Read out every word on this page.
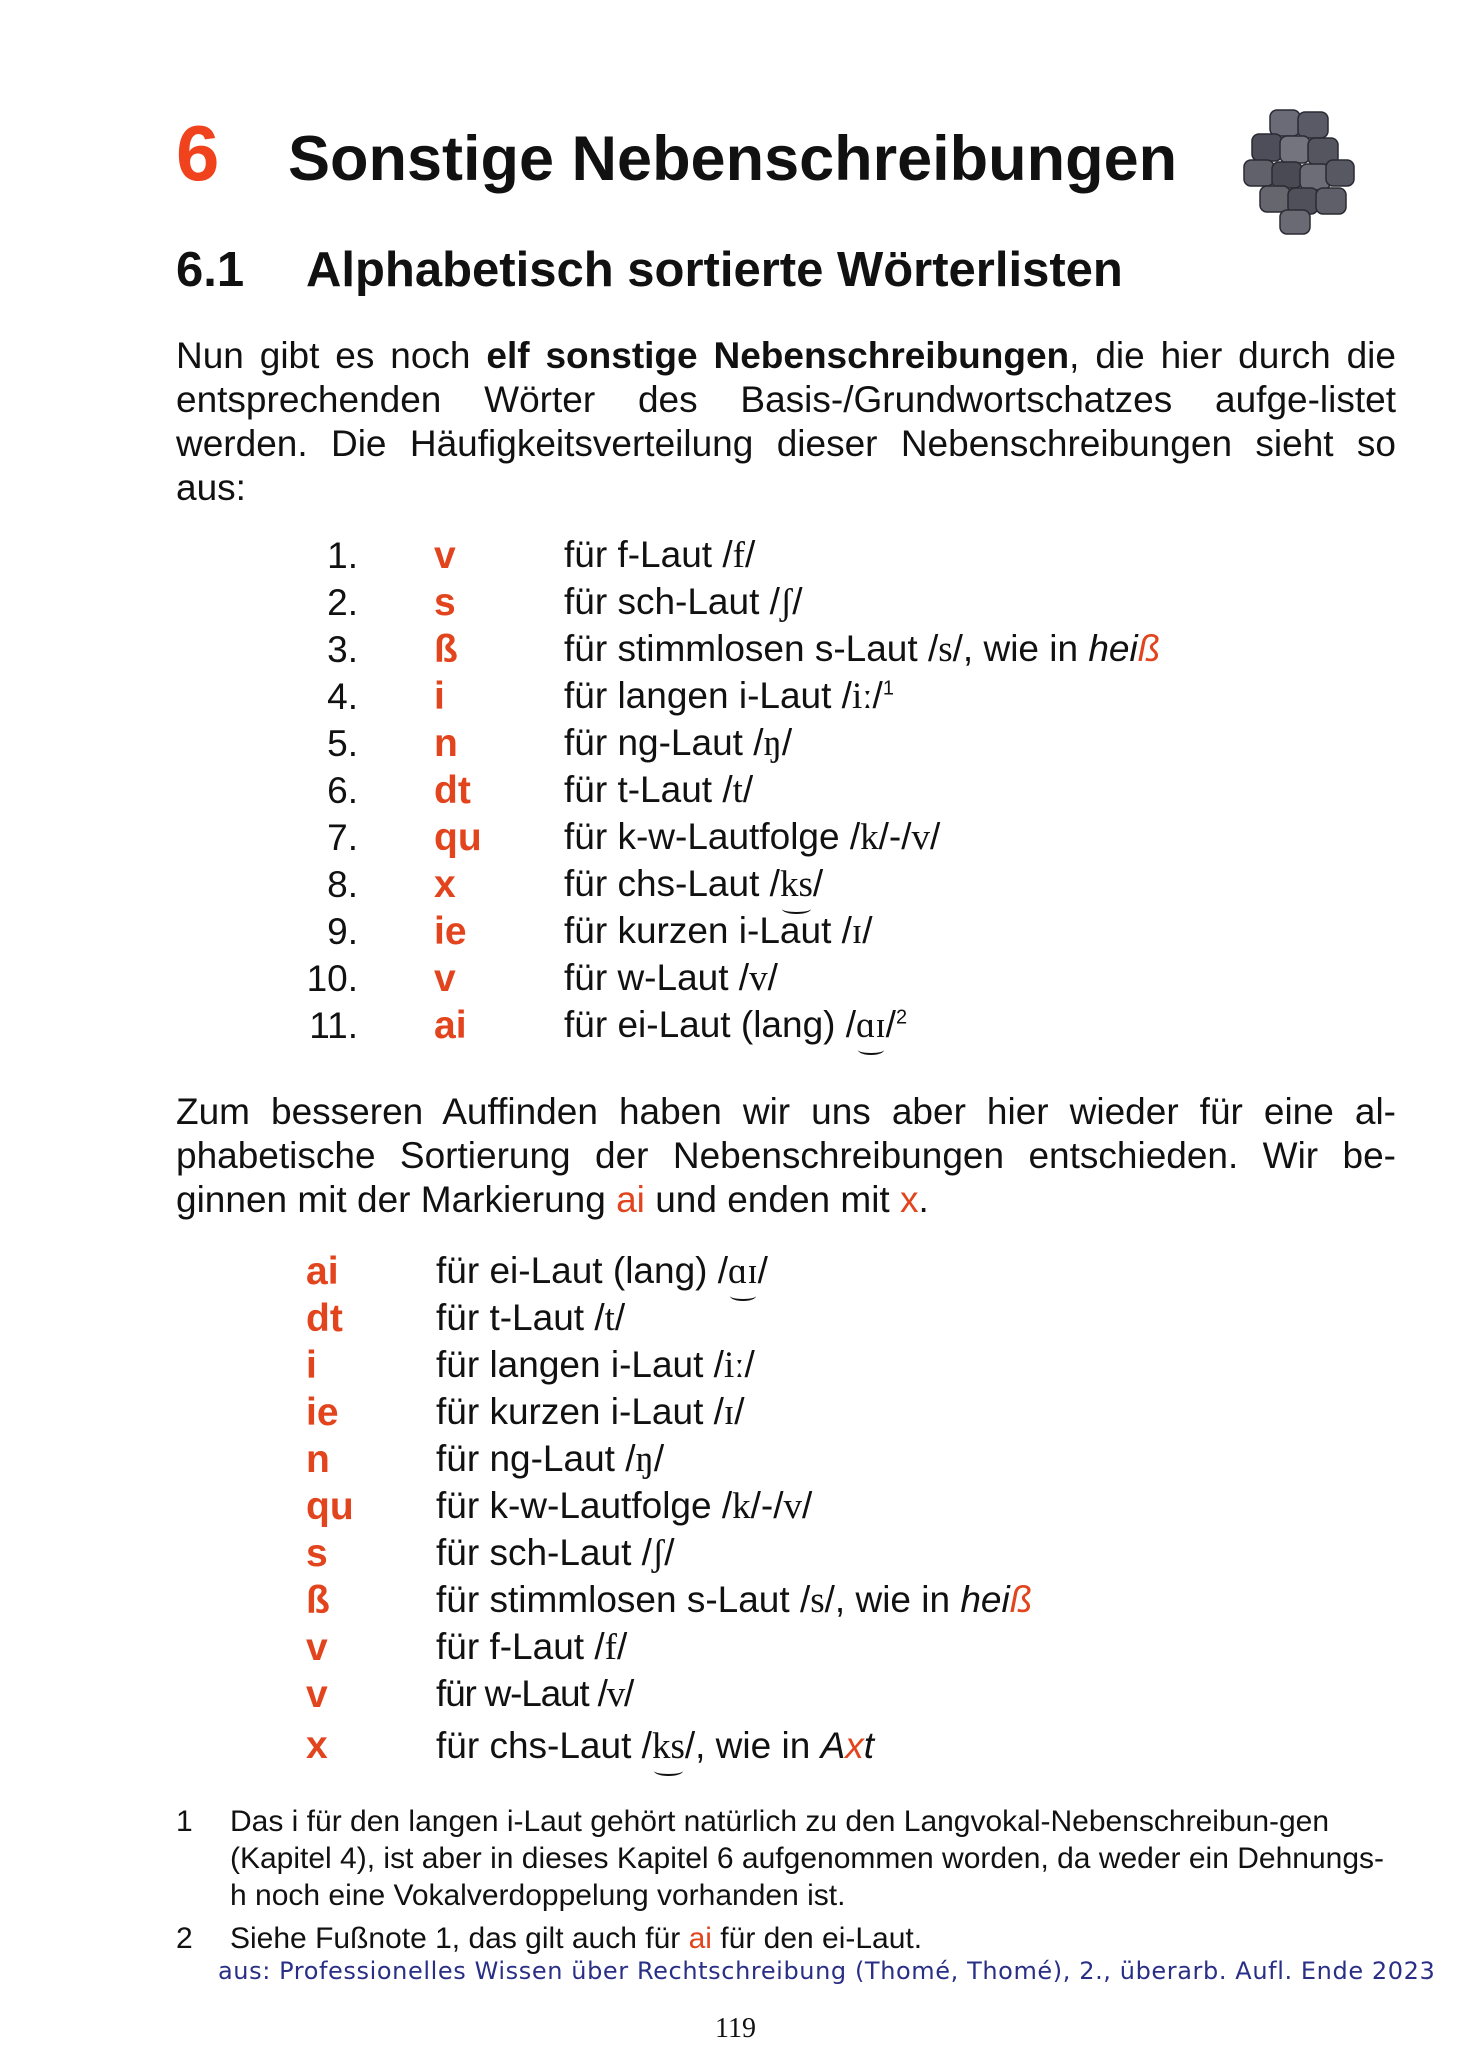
6	Sonstige Nebenschreibungen
6.1	Alphabetisch sortierte Wörterlisten

Nun gibt es noch elf sonstige Nebenschreibungen, die hier durch die entsprechenden Wörter des Basis-/Grundwortschatzes aufge-listet werden. Die Häufigkeitsverteilung dieser Nebenschreibungen sieht so aus:

1. v	für f-Laut /f/
2. s	für sch-Laut /ʃ/
3. ß	für stimmlosen s-Laut /s/, wie in heiß
4. i	für langen i-Laut /iː/$^1$
5. n	für ng-Laut /ŋ/
6. dt	für t-Laut /t/
7. qu	für k-w-Lautfolge /k/-/v/
8. x	für chs-Laut /ks/
9. ie	für kurzen i-Laut /ɪ/
10. v	für w-Laut /v/
11. ai	für ei-Laut (lang) /ɑɪ/$^2$

Zum besseren Auffinden haben wir uns aber hier wieder für eine al-phabetische Sortierung der Nebenschreibungen entschieden. Wir be-ginnen mit der Markierung ai und enden mit x.

ai	für ei-Laut (lang) /ɑɪ/
dt	für t-Laut /t/
i	für langen i-Laut /iː/
ie	für kurzen i-Laut /ɪ/
n	für ng-Laut /ŋ/
qu	für k-w-Lautfolge /k/-/v/
s	für sch-Laut /ʃ/
ß	für stimmlosen s-Laut /s/, wie in heiß
v	für f-Laut /f/
v	für w-Laut /v/
x	für chs-Laut /ks/, wie in Axt
1	Das i für den langen i-Laut gehört natürlich zu den Langvokal-Nebenschreibun-gen (Kapitel 4), ist aber in dieses Kapitel 6 aufgenommen worden, da weder ein Dehnungs-h noch eine Vokalverdoppelung vorhanden ist.
2	Siehe Fußnote 1, das gilt auch für ai für den ei-Laut.
aus: Professionelles Wissen über Rechtschreibung (Thomé, Thomé), 2., überarb. Aufl. Ende 2023
119
